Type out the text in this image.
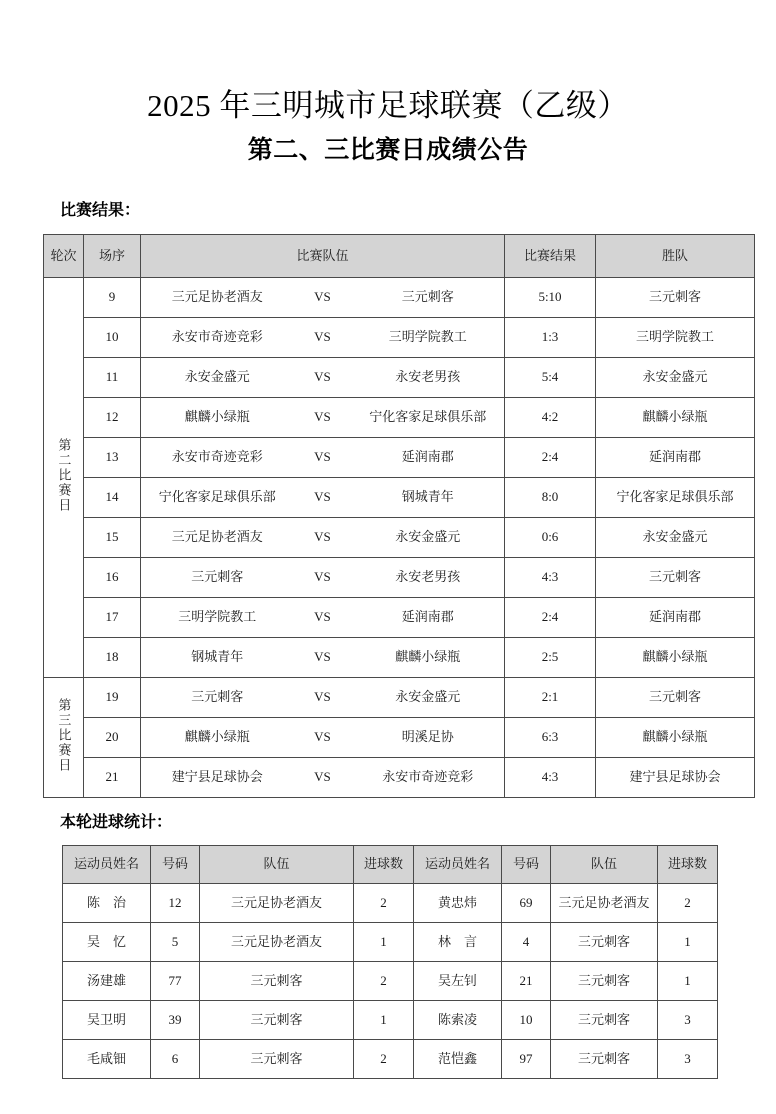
2025 年三明城市足球联赛（乙级）
第二、三比赛日成绩公告
比赛结果：
轮次	场序	比赛队伍	比赛结果	胜队
第二比赛日	9	三元足协老酒友 VS 三元刺客	5:10	三元刺客
	10	永安市奇迹竞彩 VS 三明学院教工	1:3	三明学院教工
	11	永安金盛元 VS 永安老男孩	5:4	永安金盛元
	12	麒麟小绿瓶 VS 宁化客家足球俱乐部	4:2	麒麟小绿瓶
	13	永安市奇迹竞彩 VS 延润南郡	2:4	延润南郡
	14	宁化客家足球俱乐部 VS 钢城青年	8:0	宁化客家足球俱乐部
	15	三元足协老酒友 VS 永安金盛元	0:6	永安金盛元
	16	三元刺客 VS 永安老男孩	4:3	三元刺客
	17	三明学院教工 VS 延润南郡	2:4	延润南郡
	18	钢城青年 VS 麒麟小绿瓶	2:5	麒麟小绿瓶
第三比赛日	19	三元刺客 VS 永安金盛元	2:1	三元刺客
	20	麒麟小绿瓶 VS 明溪足协	6:3	麒麟小绿瓶
	21	建宁县足球协会 VS 永安市奇迹竞彩	4:3	建宁县足球协会
本轮进球统计：
运动员姓名	号码	队伍	进球数	运动员姓名	号码	队伍	进球数
陈　治	12	三元足协老酒友	2	黄忠炜	69	三元足协老酒友	2
吴　忆	5	三元足协老酒友	1	林　言	4	三元刺客	1
汤建雄	77	三元刺客	2	吴左钊	21	三元刺客	1
吴卫明	39	三元刺客	1	陈索凌	10	三元刺客	3
毛咸钿	6	三元刺客	2	范恺鑫	97	三元刺客	3
